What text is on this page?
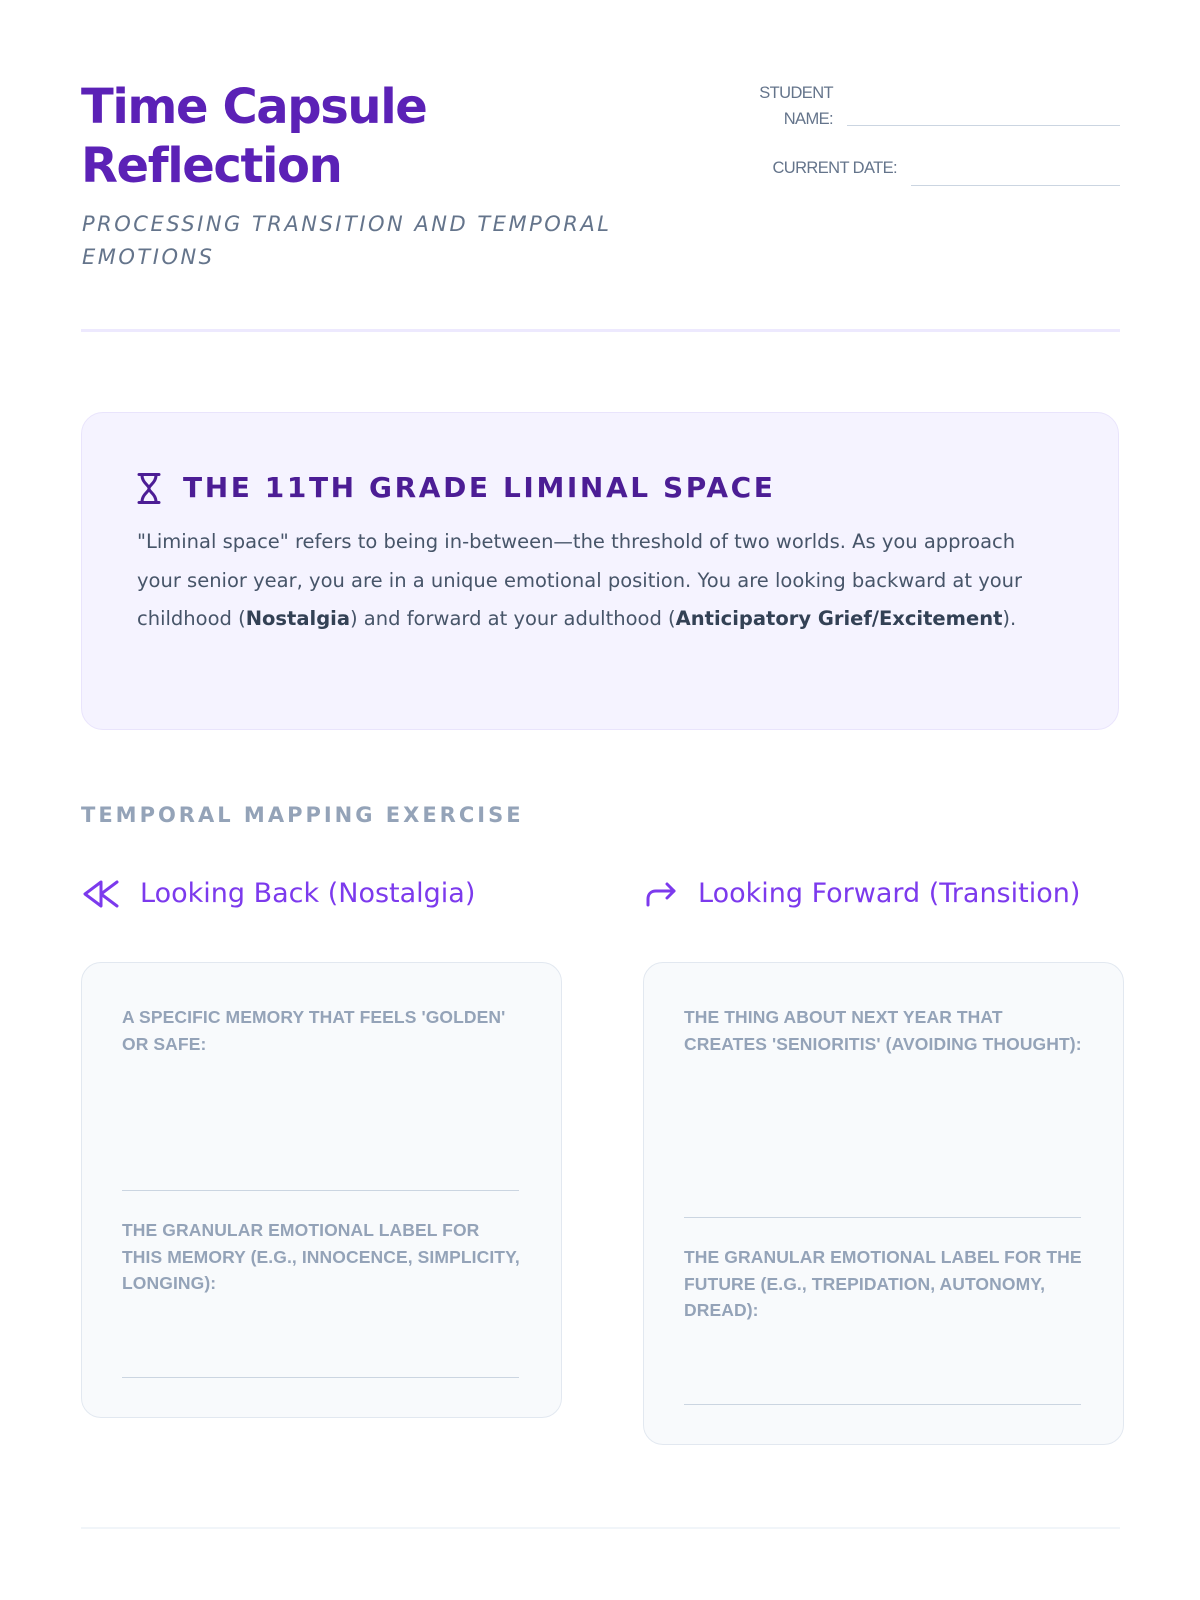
Time Capsule Reflection
PROCESSING TRANSITION AND TEMPORAL EMOTIONS
STUDENT NAME:
CURRENT DATE:
THE 11TH GRADE LIMINAL SPACE
"Liminal space" refers to being in-between—the threshold of two worlds. As you approach your senior year, you are in a unique emotional position. You are looking backward at your childhood (Nostalgia) and forward at your adulthood (Anticipatory Grief/Excitement).
TEMPORAL MAPPING EXERCISE
Looking Back (Nostalgia)	Looking Forward (Transition)
A SPECIFIC MEMORY THAT FEELS 'GOLDEN' OR SAFE:
THE GRANULAR EMOTIONAL LABEL FOR THIS MEMORY (E.G., INNOCENCE, SIMPLICITY, LONGING):
THE THING ABOUT NEXT YEAR THAT CREATES 'SENIORITIS' (AVOIDING THOUGHT):
THE GRANULAR EMOTIONAL LABEL FOR THE FUTURE (E.G., TREPIDATION, AUTONOMY, DREAD):
